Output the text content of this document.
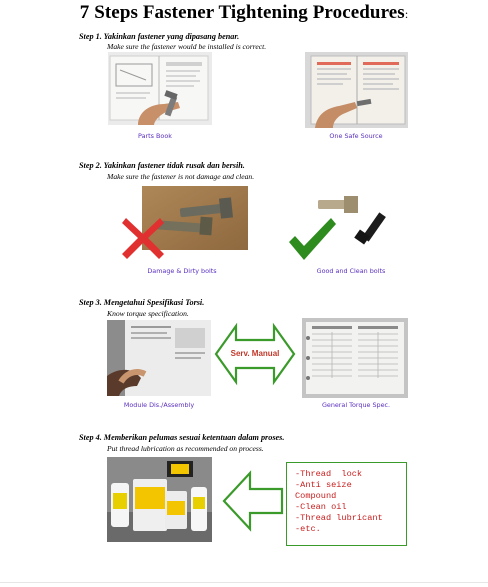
7 Steps Fastener Tightening Procedures:
Step 1. Yakinkan fastener yang dipasang benar.
Make sure the fastener would be installed is correct.
Parts Book	One Safe Source
Step 2. Yakinkan fastener tidak rusak dan bersih.
Make sure the fastener is not damage and clean.
Damage & Dirty bolts	Good and Clean bolts
Step 3. Mengetahui Spesifikasi Torsi.
Know torque specification.
Module Dis./Assembly
Serv. Manual
General Torque Spec.
Step 4. Memberikan pelumas sesuai ketentuan dalam proses.
Put thread lubrication as recommended on process.
-Thread  lock
-Anti seize
Compound
-Clean oil
-Thread lubricant
-etc.
